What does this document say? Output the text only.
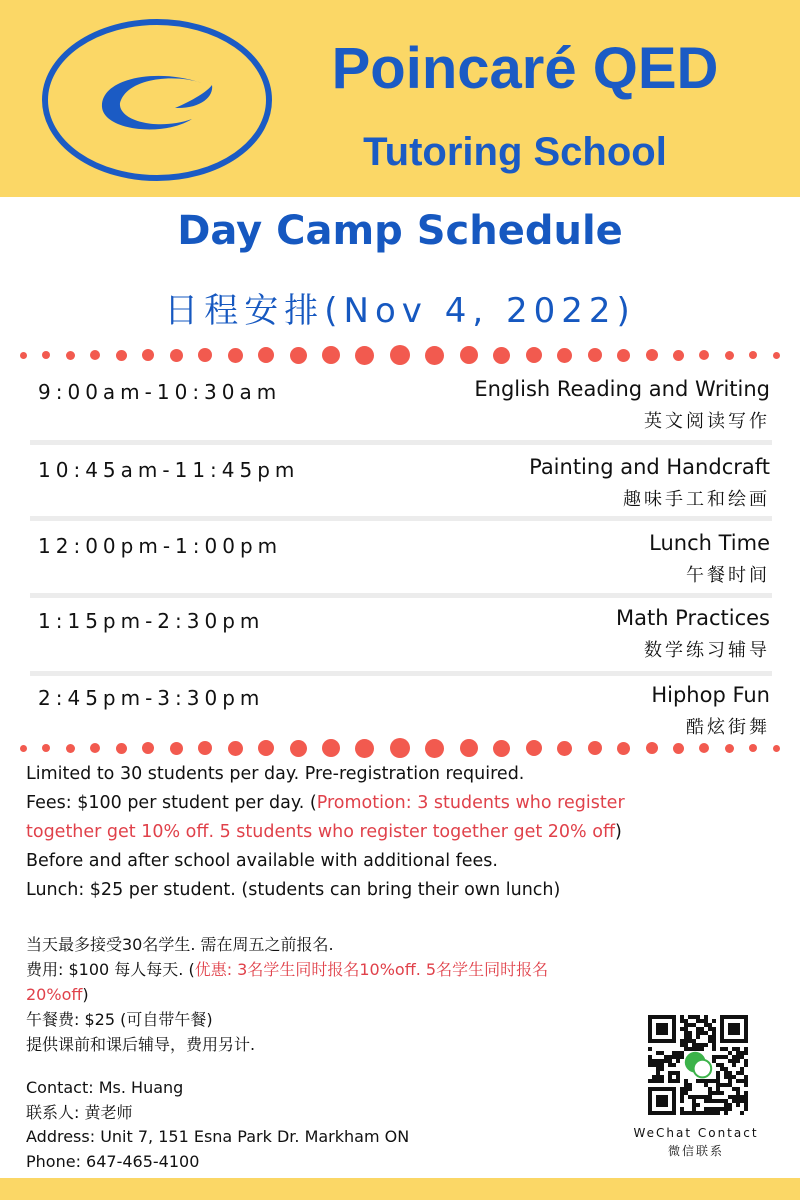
Poincaré QED
Tutoring School
Day Camp Schedule
日程安排(Nov 4, 2022)
9:00am-10:30am	English Reading and Writing
英文阅读写作
10:45am-11:45pm	Painting and Handcraft
趣味手工和绘画
12:00pm-1:00pm	Lunch Time
午餐时间
1:15pm-2:30pm	Math Practices
数学练习辅导
2:45pm-3:30pm	Hiphop Fun
酷炫街舞
Limited to 30 students per day. Pre-registration required.
Fees: $100 per student per day. (Promotion: 3 students who register
together get 10% off. 5 students who register together get 20% off)
Before and after school available with additional fees.
Lunch: $25 per student. (students can bring their own lunch)
当天最多接受30名学生. 需在周五之前报名.
费用: $100 每人每天. (优惠: 3名学生同时报名10%off. 5名学生同时报名
20%off)
午餐费: $25 (可自带午餐)
提供课前和课后辅导，费用另计.
Contact: Ms. Huang
联系人: 黄老师
Address: Unit 7, 151 Esna Park Dr. Markham ON
Phone: 647-465-4100
WeChat Contact
微信联系
